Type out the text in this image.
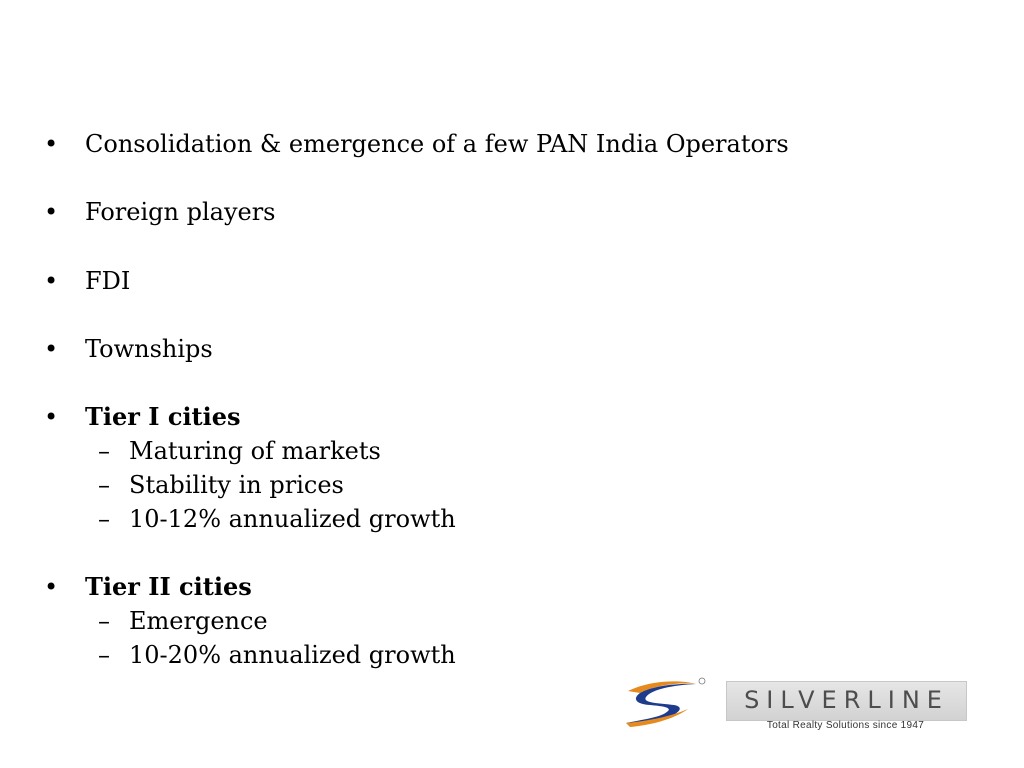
• Consolidation & emergence of a few PAN India Operators
• Foreign players
• FDI
• Townships
• Tier I cities
– Maturing of markets
– Stability in prices
– 10-12% annualized growth
• Tier II cities
– Emergence
– 10-20% annualized growth
SILVERLINE
Total Realty Solutions since 1947
